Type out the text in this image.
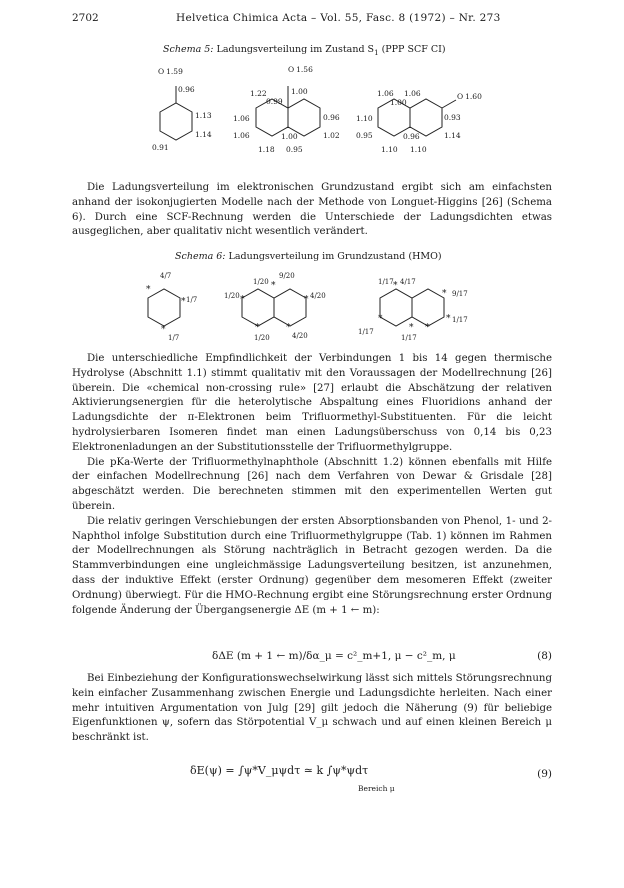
2702	Helvetica Chimica Acta – Vol. 55, Fasc. 8 (1972) – Nr. 273
Schema 5: Ladungsverteilung im Zustand $S_1$ (PPP SCF CI)
O 1.59
0.96
1.13
1.14
0.91
O 1.56
1.22
0.99
1.00
1.06	0.96
1.06	1.00	1.02
1.18 0.95
1.06 1.06
1.00
O 1.60
1.10	0.93
0.95	0.96	1.14
1.10 1.10

Die Ladungsverteilung im elektronischen Grundzustand ergibt sich am einfachsten anhand der isokonjugierten Modelle nach der Methode von Longuet-Higgins [26] (Schema 6). Durch eine SCF-Rechnung werden die Unterschiede der Ladungsdichten etwas ausgeglichen, aber qualitativ nicht wesentlich verändert.

Schema 6: Ladungsverteilung im Grundzustand (HMO)
*
*
*
*
*	*
*	*
*
*
*
*
*
*
4/7
1/7
1/7
1/20
9/20
1/20	4/20
1/20	4/20
1/17 4/17
9/17
1/17
1/17
1/17

Die unterschiedliche Empfindlichkeit der Verbindungen 1 bis 14 gegen thermische Hydrolyse (Abschnitt 1.1) stimmt qualitativ mit den Voraussagen der Modellrechnung [26] überein. Die «chemical non-crossing rule» [27] erlaubt die Abschätzung der relativen Aktivierungsenergien für die heterolytische Abspaltung eines Fluoridions anhand der Ladungsdichte der π-Elektronen beim Trifluormethyl-Substituenten. Für die leicht hydrolysierbaren Isomeren findet man einen Ladungsüberschuss von 0,14 bis 0,23 Elektronenladungen an der Substitutionsstelle der Trifluormethylgruppe.

Die pKa-Werte der Trifluormethylnaphthole (Abschnitt 1.2) können ebenfalls mit Hilfe der einfachen Modellrechnung [26] nach dem Verfahren von Dewar & Grisdale [28] abgeschätzt werden. Die berechneten stimmen mit den experimentellen Werten gut überein.

Die relativ geringen Verschiebungen der ersten Absorptionsbanden von Phenol, 1- und 2-Naphthol infolge Substitution durch eine Trifluormethylgruppe (Tab. 1) können im Rahmen der Modellrechnungen als Störung nachträglich in Betracht gezogen werden. Da die Stammverbindungen eine ungleichmässige Ladungsverteilung besitzen, ist anzunehmen, dass der induktive Effekt (erster Ordnung) gegenüber dem mesomeren Effekt (zweiter Ordnung) überwiegt. Für die HMO-Rechnung ergibt eine Störungsrechnung erster Ordnung folgende Änderung der Übergangsenergie ΔE (m + 1 ← m):

δΔE (m + 1 ← m)/δα_μ = c²_m+1, μ − c²_m, μ	(8)

Bei Einbeziehung der Konfigurationswechselwirkung lässt sich mittels Störungsrechnung kein einfacher Zusammenhang zwischen Energie und Ladungsdichte herleiten. Nach einer mehr intuitiven Argumentation von Julg [29] gilt jedoch die Näherung (9) für beliebige Eigenfunktionen ψ, sofern das Störpotential V_μ schwach und auf einen kleinen Bereich μ beschränkt ist.

δE(ψ) = ∫ψ*V_μψdτ ≃ k ∫ψ*ψdτ
Bereich μ
(9)
